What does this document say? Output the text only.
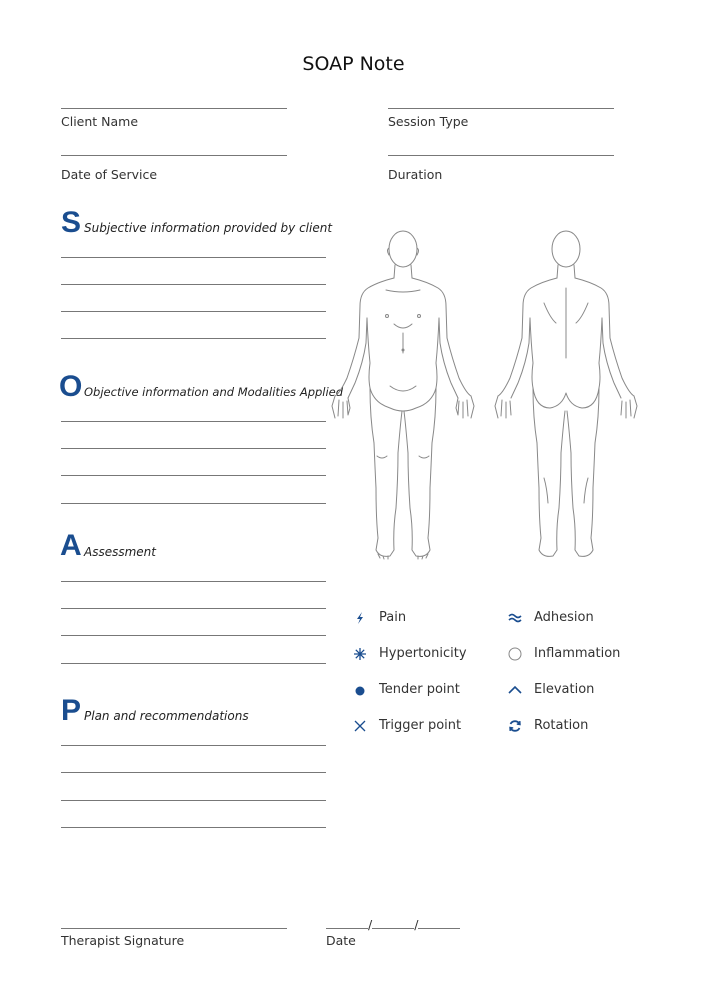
SOAP Note
Client Name	Session Type
Date of Service	Duration
S Subjective information provided by client
O Objective information and Modalities Applied
A Assessment
P Plan and recommendations
Pain	Adhesion
Hypertonicity	Inflammation
Tender point	Elevation
Trigger point	Rotation
Therapist Signature
/	/
Date
